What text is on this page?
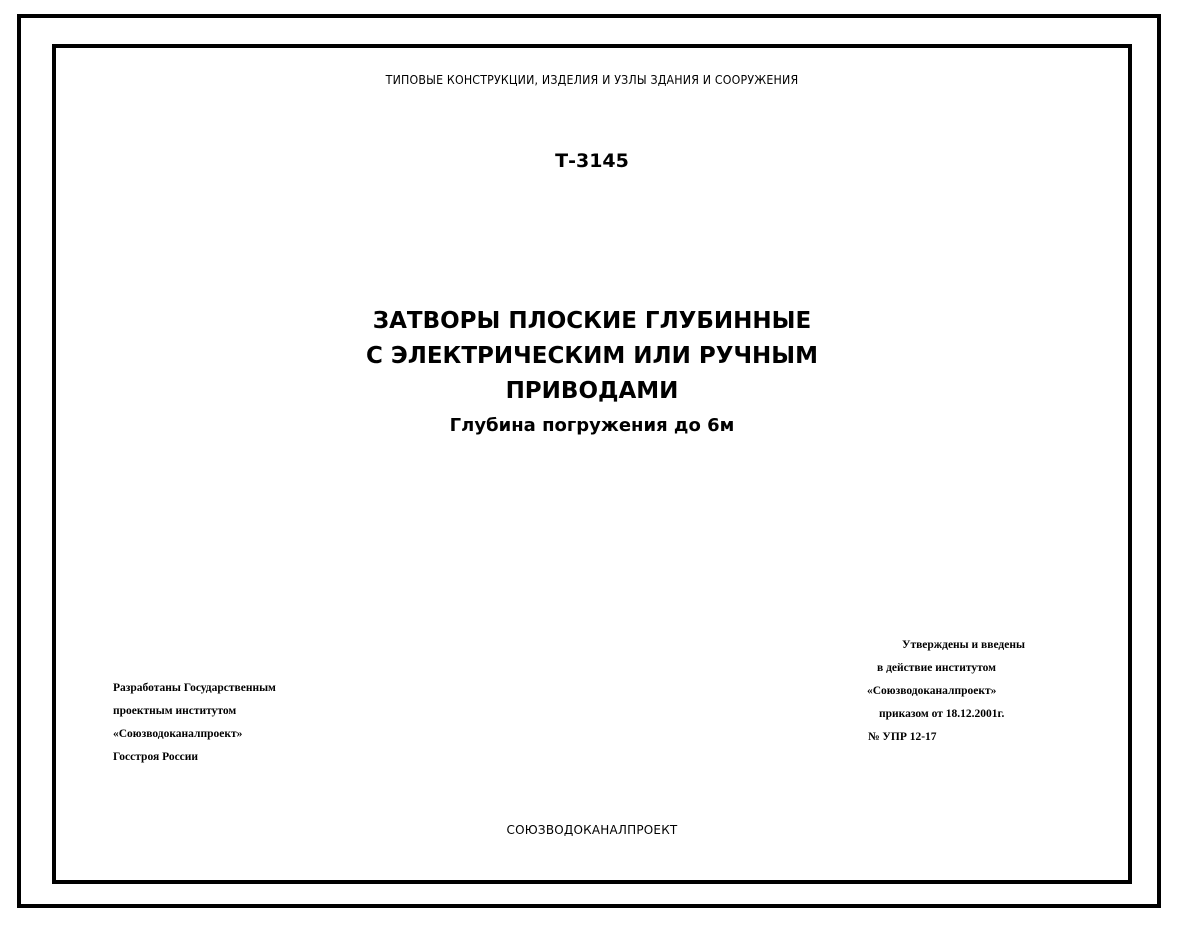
ТИПОВЫЕ КОНСТРУКЦИИ, ИЗДЕЛИЯ И УЗЛЫ ЗДАНИЯ И СООРУЖЕНИЯ
Т-3145
ЗАТВОРЫ ПЛОСКИЕ ГЛУБИННЫЕ
С ЭЛЕКТРИЧЕСКИМ ИЛИ РУЧНЫМ
ПРИВОДАМИ
Глубина погружения до 6м
Разработаны Государственным
проектным институтом
«Союзводоканалпроект»
Госстроя России
Утверждены и введены
в действие институтом
«Союзводоканалпроект»
приказом от 18.12.2001г.
№ УПР 12-17
СОЮЗВОДОКАНАЛПРОЕКТ
